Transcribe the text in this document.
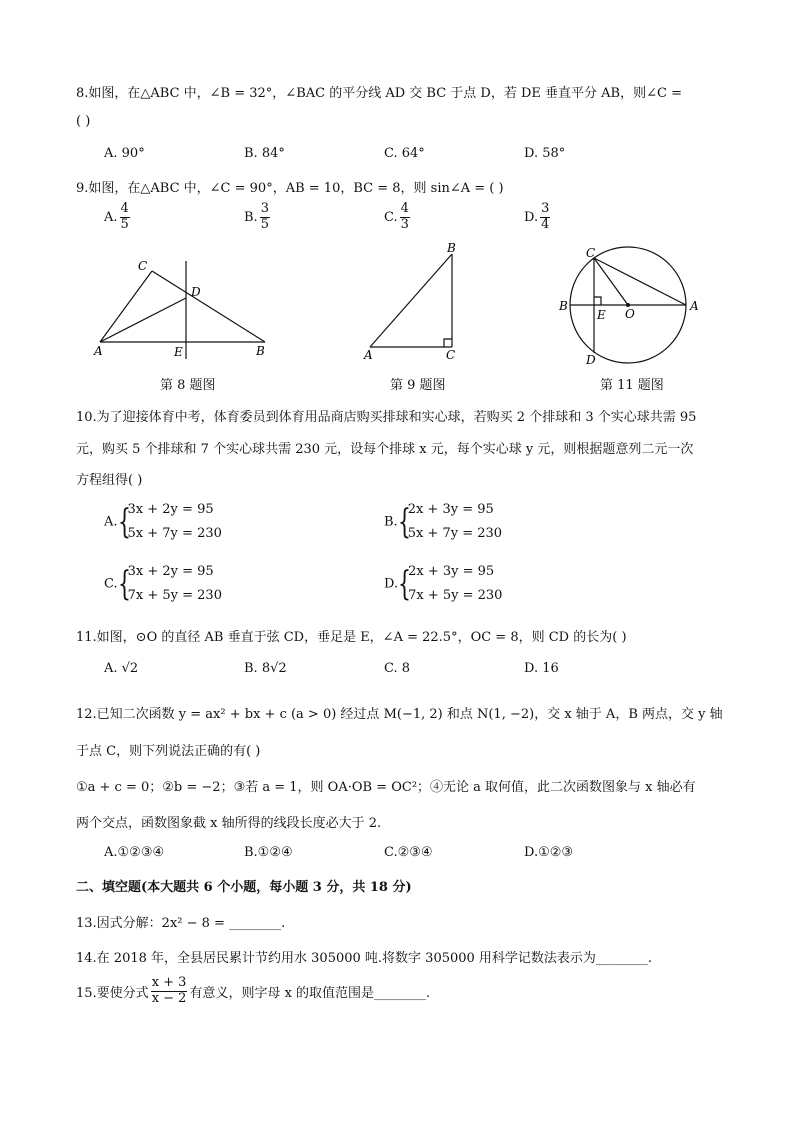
8.如图，在△ABC 中，∠B = 32°，∠BAC 的平分线 AD 交 BC 于点 D，若 DE 垂直平分 AB，则∠C =
( )
A. 90°	B. 84°	C. 64°	D. 58°
9.如图，在△ABC 中，∠C = 90°，AB = 10，BC = 8，则 sin∠A = ( )
A. $\frac{4}{5}$	B. $\frac{3}{5}$	C. $\frac{4}{3}$	D. $\frac{3}{4}$
C
D
A	E	B
第 8 题图
B
A	C
第 9 题图
C
B
E O
A
D
第 11 题图
10.为了迎接体育中考，体育委员到体育用品商店购买排球和实心球，若购买 2 个排球和 3 个实心球共需 95
元，购买 5 个排球和 7 个实心球共需 230 元，设每个排球 x 元，每个实心球 y 元，则根据题意列二元一次
方程组得( )
A. {
3x + 2y = 95
5x + 7y = 230
B. {
2x + 3y = 95
5x + 7y = 230
C. {
3x + 2y = 95
7x + 5y = 230
D. {
2x + 3y = 95
7x + 5y = 230
11.如图，⊙O 的直径 AB 垂直于弦 CD，垂足是 E，∠A = 22.5°，OC = 8，则 CD 的长为( )
A. √2	B. 8√2	C. 8	D. 16
12.已知二次函数 y = ax² + bx + c (a > 0) 经过点 M(−1, 2) 和点 N(1, −2)，交 x 轴于 A，B 两点，交 y 轴
于点 C，则下列说法正确的有( )
①a + c = 0；②b = −2；③若 a = 1，则 OA·OB = OC²；④无论 a 取何值，此二次函数图象与 x 轴必有
两个交点，函数图象截 x 轴所得的线段长度必大于 2.
A.①②③④	B.①②④	C.②③④	D.①②③
二、填空题(本大题共 6 个小题，每小题 3 分，共 18 分)
13.因式分解：2x² − 8 = ________.
14.在 2018 年，全县居民累计节约用水 305000 吨.将数字 305000 用科学记数法表示为________.
15.要使分式 $\frac{x + 3}{x - 2}$ 有意义，则字母 x 的取值范围是________.
